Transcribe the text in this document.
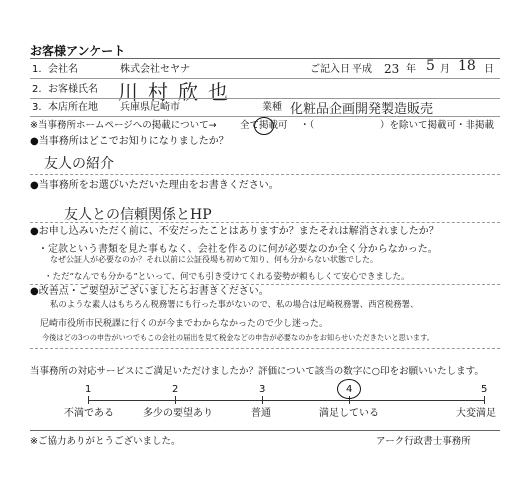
お客様アンケート
1. 会社名	株式会社セヤナ	ご記入日 平成 23 年 5 月 18 日
2. お客様氏名 川村欣也
3. 本店所在地 兵庫県尼崎市	業種 化粧品企画開発製造販売
※当事務所ホームページへの掲載について→ 全て掲載可 ・（	）を除いて掲載可・非掲載
●当事務所はどこでお知りになりましたか？
友人の紹介
●当事務所をお選びいただいた理由をお書きください。
友人との信頼関係とHP
●お申し込みいただく前に、不安だったことはありますか？またそれは解消されましたか？
・定款という書類を見た事もなく、会社を作るのに何が必要なのか全く分からなかった。
なぜ公証人が必要なのか？それ以前に公証役場も初めて知り、何も分からない状態でした。
・ただ“なんでも分かる”といって、何でも引き受けてくれる姿勢が頼もしくて安心できました。
●改善点・ご要望がございましたらお書きください。
私のような素人はもちろん税務署にも行った事がないので、私の場合は尼崎税務署、西宮税務署、
尼崎市役所市民税課に行くのが今までわからなかったので少し迷った。
今後はどの3つの申告がいつでもこの会社の届出を見て税金などの申告が必要なのかをお知らせいただきたいと思います。
当事務所の対応サービスにご満足いただけましたか？評価について該当の数字に○印をお願いいたします。
1	2	3	4	5
不満である	多少の要望あり	普通	満足している	大変満足
※ご協力ありがとうございました。	アーク行政書士事務所
